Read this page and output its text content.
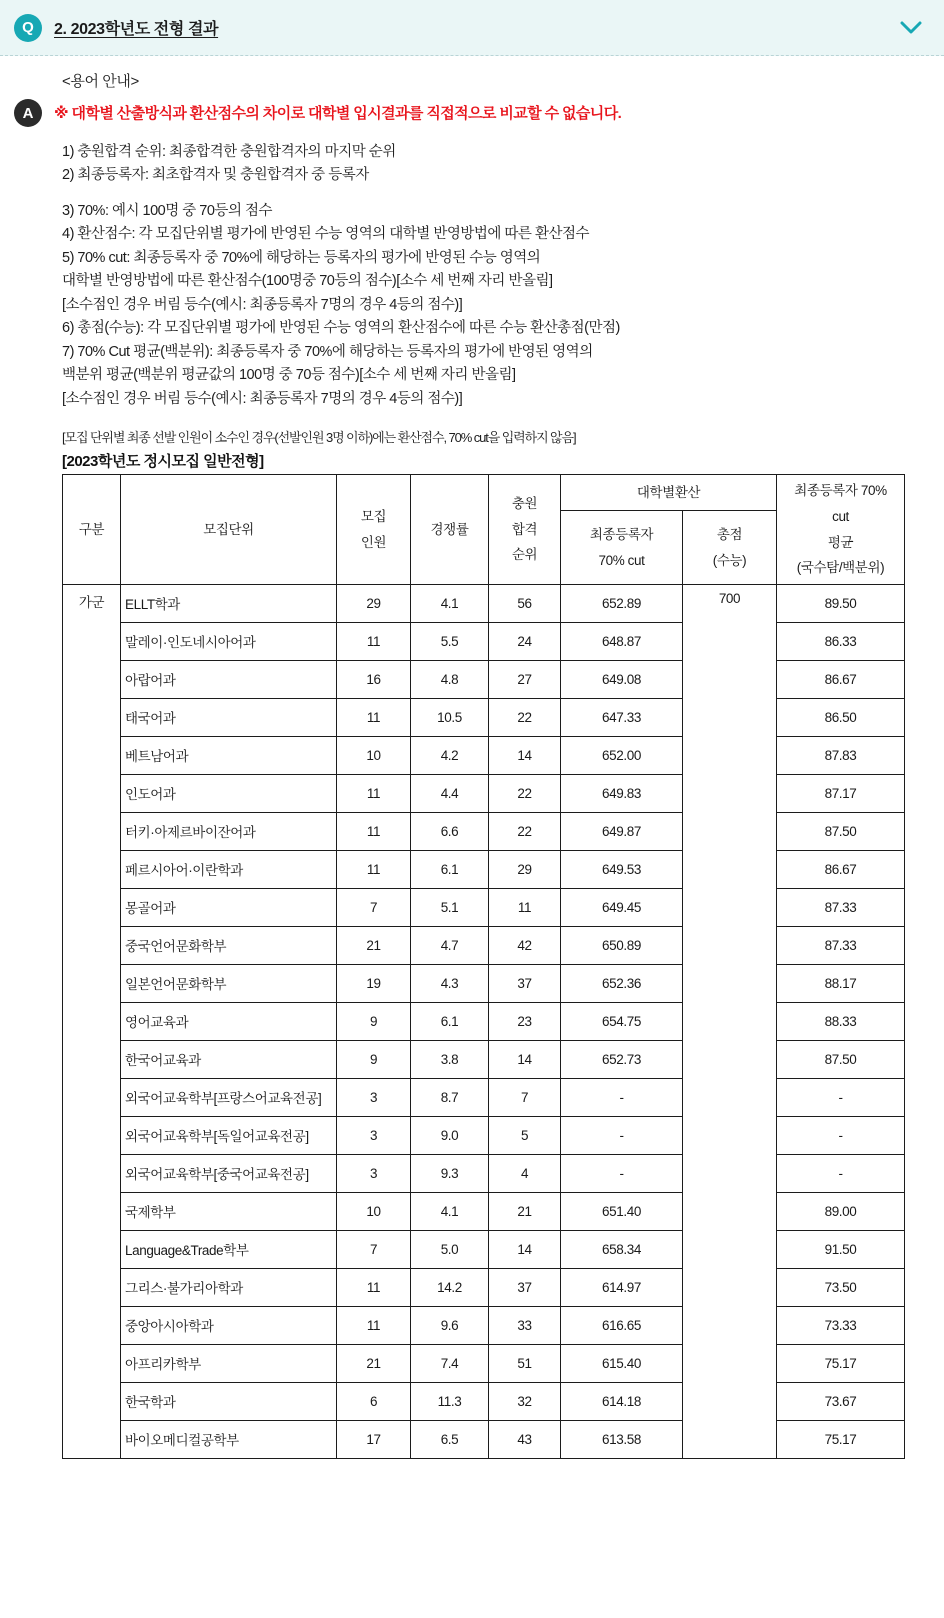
Q	2. 2023학년도 전형 결과
<용어 안내>
A	※ 대학별 산출방식과 환산점수의 차이로 대학별 입시결과를 직접적으로 비교할 수 없습니다.

1) 충원합격 순위: 최종합격한 충원합격자의 마지막 순위

2) 최종등록자: 최초합격자 및 충원합격자 중 등록자

3) 70%: 예시 100명 중 70등의 점수

4) 환산점수: 각 모집단위별 평가에 반영된 수능 영역의 대학별 반영방법에 따른 환산점수

5) 70% cut: 최종등록자 중 70%에 해당하는 등록자의 평가에 반영된 수능 영역의

대학별 반영방법에 따른 환산점수(100명중 70등의 점수)[소수 세 번째 자리 반올림]

[소수점인 경우 버림 등수(예시: 최종등록자 7명의 경우 4등의 점수)]

6) 총점(수능): 각 모집단위별 평가에 반영된 수능 영역의 환산점수에 따른 수능 환산총점(만점)

7) 70% Cut 평균(백분위): 최종등록자 중 70%에 해당하는 등록자의 평가에 반영된 영역의

백분위 평균(백분위 평균값의 100명 중 70등 점수)[소수 세 번째 자리 반올림]

[소수점인 경우 버림 등수(예시: 최종등록자 7명의 경우 4등의 점수)]

[모집 단위별 최종 선발 인원이 소수인 경우(선발인원 3명 이하)에는 환산점수, 70% cut을 입력하지 않음]
[2023학년도 정시모집 일반전형]
구분	모집단위	모집
인원	경쟁률	충원
합격
순위	대학별환산		최종등록자 70%
cut
평균
(국수탐/백분위)

					최종등록자
70% cut	총점
(수능)	

가군	ELLT학과	29	4.1	56	652.89	700	89.50
	말레이·인도네시아어과	11	5.5	24	648.87		86.33
	아랍어과	16	4.8	27	649.08		86.67
	태국어과	11	10.5	22	647.33		86.50
	베트남어과	10	4.2	14	652.00		87.83
	인도어과	11	4.4	22	649.83		87.17
	터키·아제르바이잔어과	11	6.6	22	649.87		87.50
	페르시아어·이란학과	11	6.1	29	649.53		86.67
	몽골어과	7	5.1	11	649.45		87.33
	중국언어문화학부	21	4.7	42	650.89		87.33
	일본언어문화학부	19	4.3	37	652.36		88.17
	영어교육과	9	6.1	23	654.75		88.33
	한국어교육과	9	3.8	14	652.73		87.50
	외국어교육학부[프랑스어교육전공]	3	8.7	7	-		-
	외국어교육학부[독일어교육전공]	3	9.0	5	-		-
	외국어교육학부[중국어교육전공]	3	9.3	4	-		-
	국제학부	10	4.1	21	651.40		89.00
	Language&Trade학부	7	5.0	14	658.34		91.50
	그리스·불가리아학과	11	14.2	37	614.97		73.50
	중앙아시아학과	11	9.6	33	616.65		73.33
	아프리카학부	21	7.4	51	615.40		75.17
	한국학과	6	11.3	32	614.18		73.67
	바이오메디컬공학부	17	6.5	43	613.58		75.17
